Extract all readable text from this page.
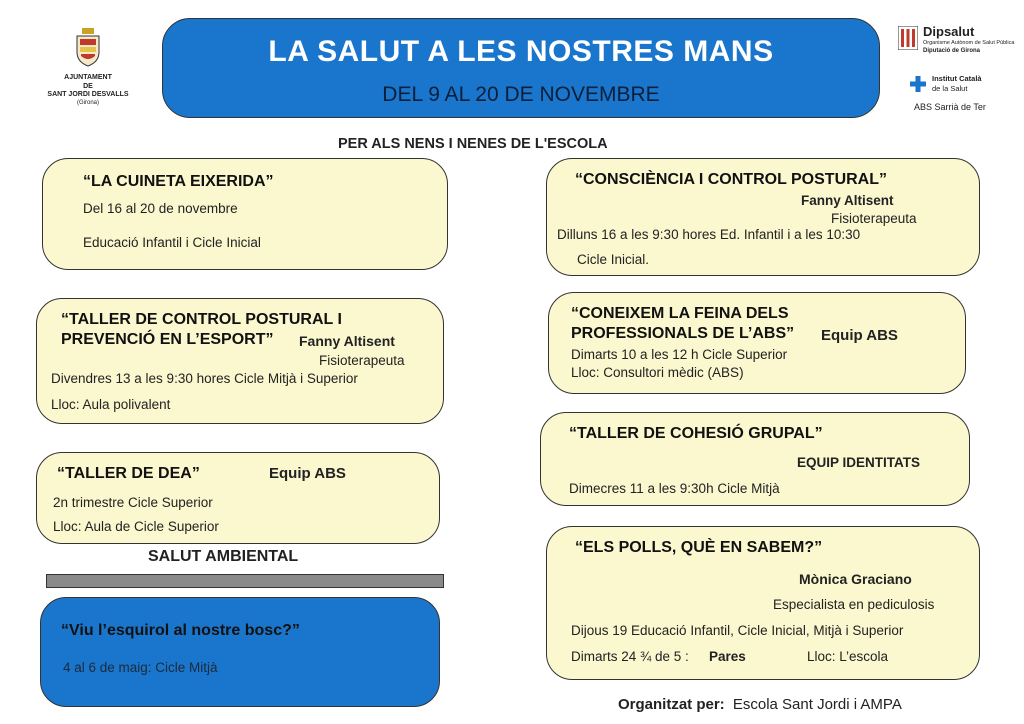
AJUNTAMENT
DE
SANT JORDI DESVALLS
(Girona)
LA SALUT A LES NOSTRES MANS
DEL 9 AL 20 DE NOVEMBRE
Dipsalut
Organisme Autònom de Salut Pública
Diputació de Girona
Institut Català
de la Salut
ABS Sarrià de Ter
PER ALS NENS I NENES DE L'ESCOLA
“LA CUINETA EIXERIDA”
Del 16 al 20 de novembre
Educació Infantil i Cicle Inicial
“TALLER DE CONTROL POSTURAL I
PREVENCIÓ EN L’ESPORT” Fanny Altisent
Fisioterapeuta
Divendres 13 a les 9:30 hores Cicle Mitjà i Superior
Lloc: Aula polivalent
“TALLER DE DEA”	Equip ABS
2n trimestre Cicle Superior
Lloc: Aula de Cicle Superior
SALUT AMBIENTAL
“Viu l’esquirol al nostre bosc?”
4 al 6 de maig: Cicle Mitjà
“CONSCIÈNCIA I CONTROL POSTURAL”
Fanny Altisent
Fisioterapeuta
Dilluns 16 a les 9:30 hores Ed. Infantil i a les 10:30
Cicle Inicial.
“CONEIXEM LA FEINA DELS
PROFESSIONALS DE L’ABS” Equip ABS
Dimarts 10 a les 12 h Cicle Superior
Lloc: Consultori mèdic (ABS)
“TALLER DE COHESIÓ GRUPAL”
EQUIP IDENTITATS
Dimecres 11 a les 9:30h Cicle Mitjà
“ELS POLLS, QUÈ EN SABEM?”
Mònica Graciano
Especialista en pediculosis
Dijous 19 Educació Infantil, Cicle Inicial, Mitjà i Superior
Dimarts 24 ¾ de 5 : Pares	Lloc: L’escola
Organitzat per: Escola Sant Jordi i AMPA
